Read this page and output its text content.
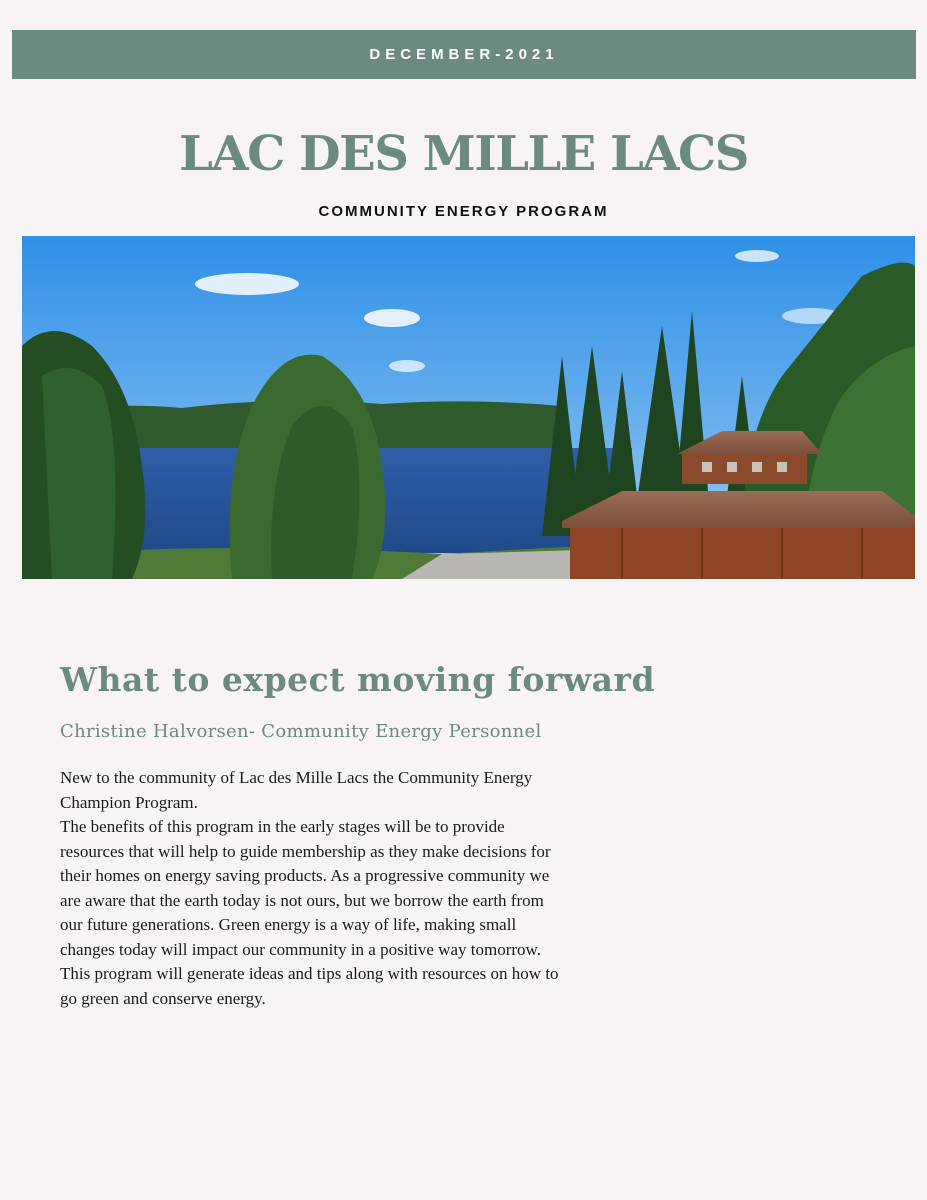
DECEMBER-2021
LAC DES MILLE LACS
COMMUNITY ENERGY PROGRAM
What to expect moving forward
Christine Halvorsen- Community Energy Personnel

New to the community of Lac des Mille Lacs the Community Energy

Champion Program.

The benefits of this program in the early stages will be to provide

resources that will help to guide membership as they make decisions for

their homes on energy saving products. As a progressive community we

are aware that the earth today is not ours, but we borrow the earth from

our future generations. Green energy is a way of life, making small

changes today will impact our community in a positive way tomorrow.

This program will generate ideas and tips along with resources on how to

go green and conserve energy.
